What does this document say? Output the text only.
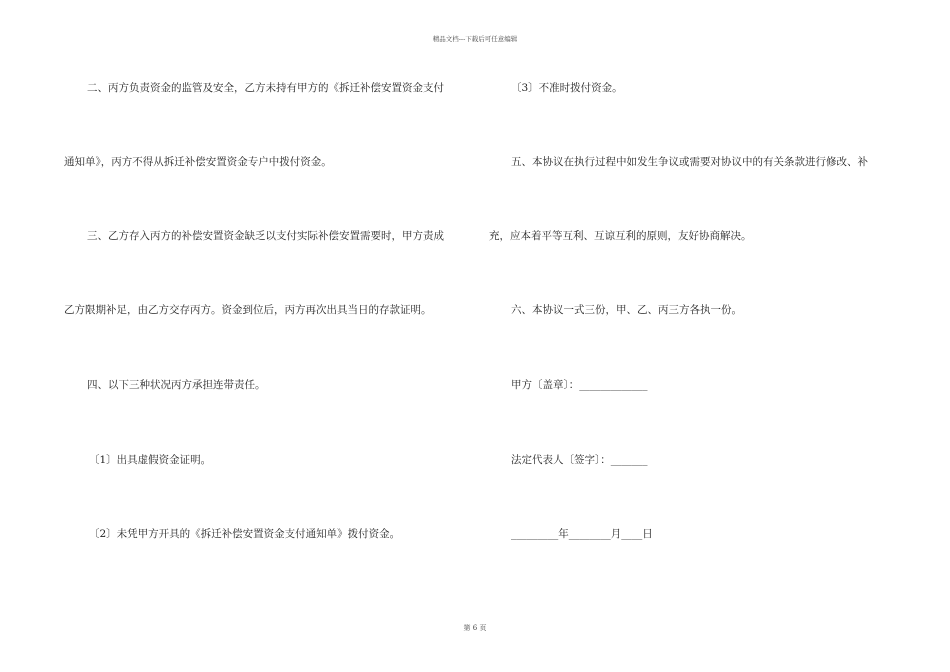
精品文档---下载后可任意编辑
二、丙方负责资金的监管及安全，乙方未持有甲方的《拆迁补偿安置资金支付
通知单》，丙方不得从拆迁补偿安置资金专户中拨付资金。
三、乙方存入丙方的补偿安置资金缺乏以支付实际补偿安置需要时，甲方责成
乙方限期补足，由乙方交存丙方。资金到位后，丙方再次出具当日的存款证明。
四、以下三种状况丙方承担连带责任。
〔1〕出具虚假资金证明。
〔2〕未凭甲方开具的《拆迁补偿安置资金支付通知单》拨付资金。
〔3〕不准时拨付资金。
五、本协议在执行过程中如发生争议或需要对协议中的有关条款进行修改、补
充，应本着平等互利、互谅互利的原则，友好协商解决。
六、本协议一式三份，甲、乙、丙三方各执一份。
甲方〔盖章〕：_____________
法定代表人〔签字〕：_______
_________年________月____日
第 6 页
